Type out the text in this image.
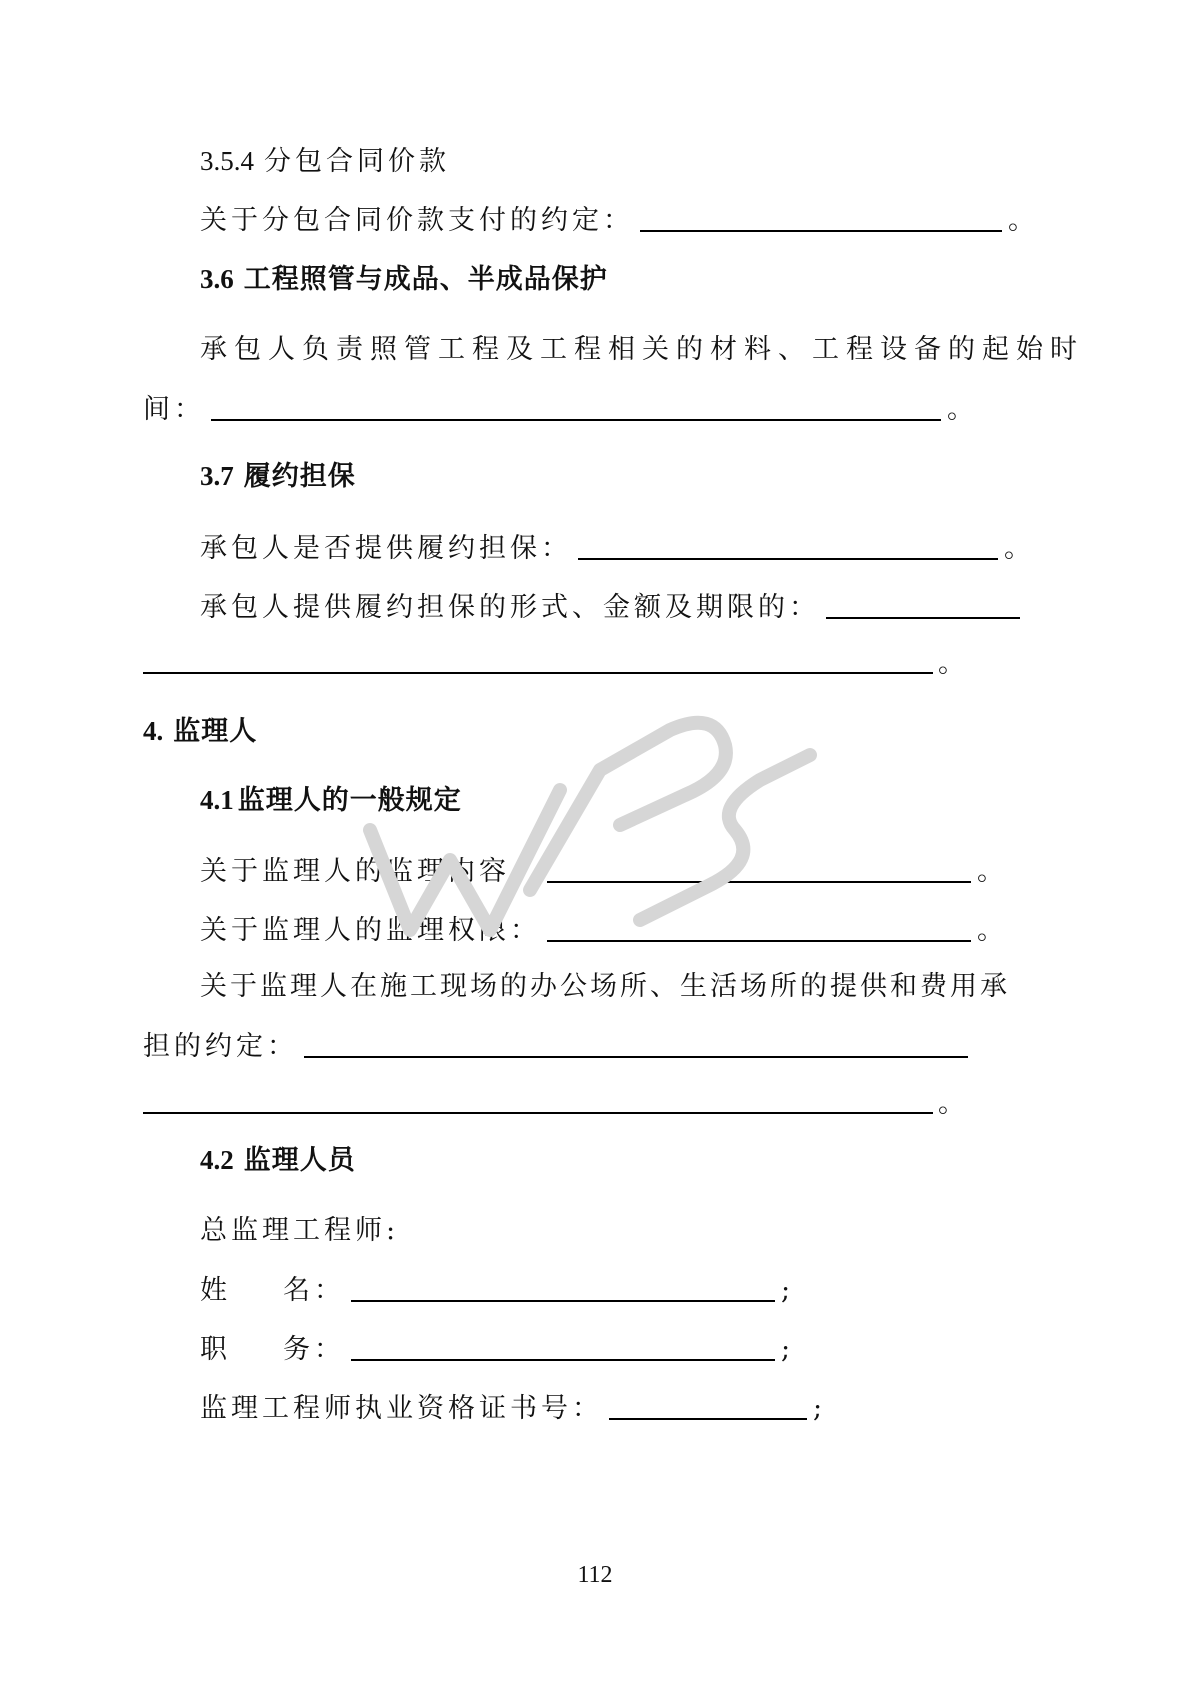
3.5.4 分包合同价款
关于分包合同价款支付的约定：	。
3.6 工程照管与成品、半成品保护
承包人负责照管工程及工程相关的材料、工程设备的起始时
间：	。
3.7 履约担保
承包人是否提供履约担保：	。
承包人提供履约担保的形式、金额及期限的：
。
4. 监理人
4.1 监理人的一般规定
关于监理人的监理内容：	。
关于监理人的监理权限：	。
关于监理人在施工现场的办公场所、生活场所的提供和费用承
担的约定：
。
4.2 监理人员
总监理工程师:
姓 名：	;
职 务：	;
监理工程师执业资格证书号：	;
112
